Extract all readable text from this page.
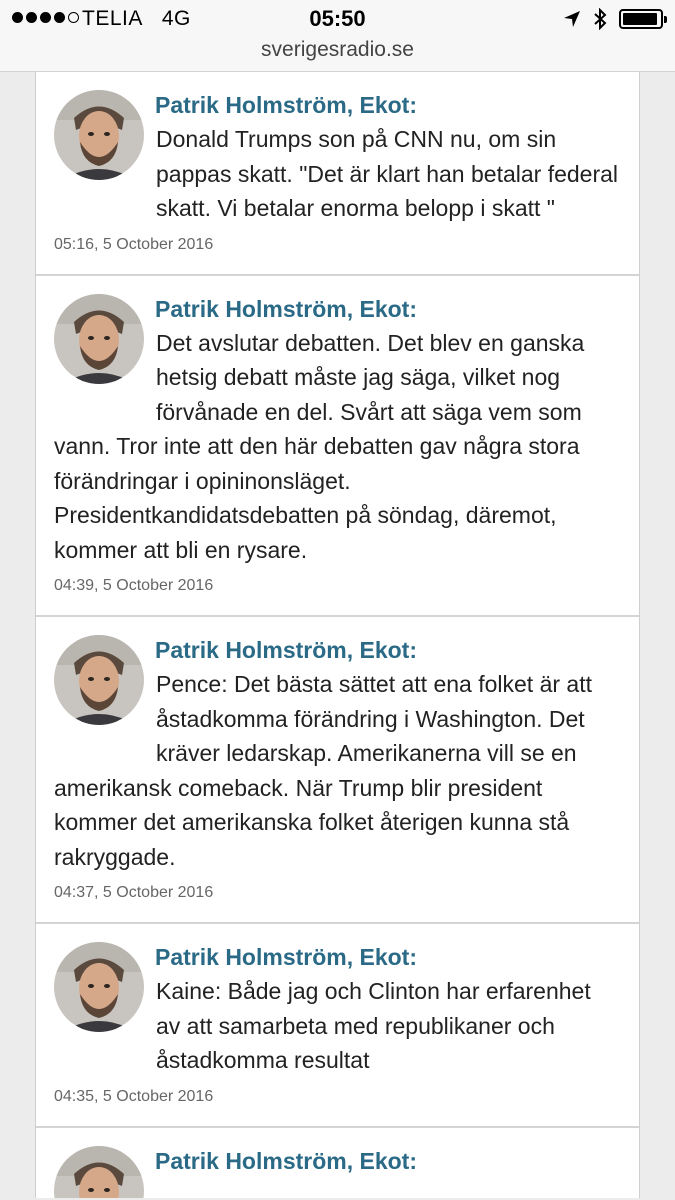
TELIA 4G	05:50
sverigesradio.se
Patrik Holmström, Ekot:
Donald Trumps son på CNN nu, om sin pappas skatt. "Det är klart han betalar federal skatt. Vi betalar enorma belopp i skatt "
05:16, 5 October 2016
Patrik Holmström, Ekot:
Det avslutar debatten. Det blev en ganska hetsig debatt måste jag säga, vilket nog förvånade en del. Svårt att säga vem som vann. Tror inte att den här debatten gav några stora förändringar i opininonsläget. Presidentkandidatsdebatten på söndag, däremot, kommer att bli en rysare.
04:39, 5 October 2016
Patrik Holmström, Ekot:
Pence: Det bästa sättet att ena folket är att åstadkomma förändring i Washington. Det kräver ledarskap. Amerikanerna vill se en amerikansk comeback. När Trump blir president kommer det amerikanska folket återigen kunna stå rakryggade.
04:37, 5 October 2016
Patrik Holmström, Ekot:
Kaine: Både jag och Clinton har erfarenhet av att samarbeta med republikaner och åstadkomma resultat
04:35, 5 October 2016
Patrik Holmström, Ekot:
